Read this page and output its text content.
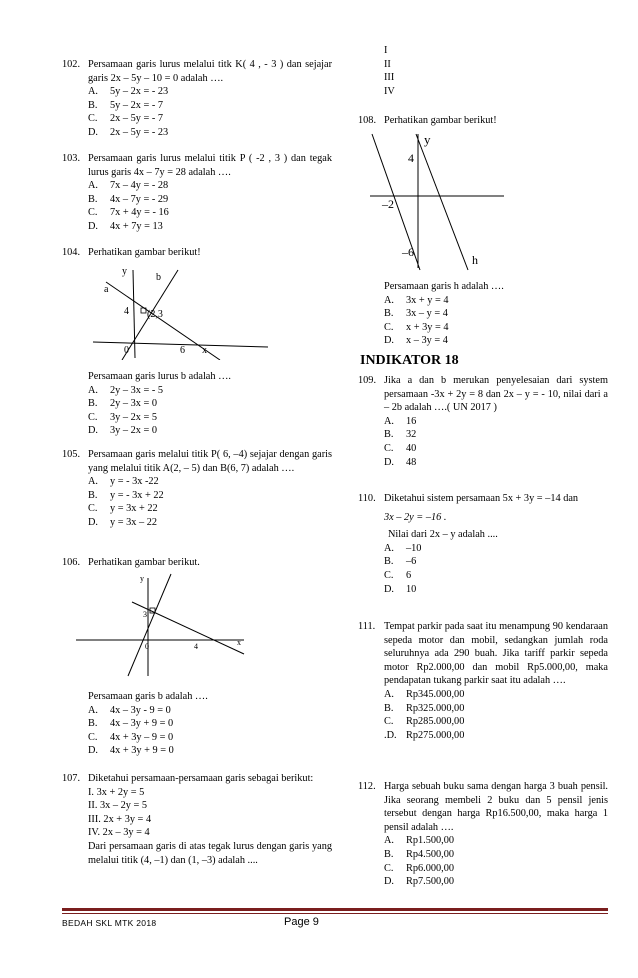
102. Persamaan garis lurus melalui titk K( 4 , - 3 ) dan sejajar garis 2x – 5y – 10 = 0 adalah ….
A.	5y – 2x = - 23
B.	5y – 2x = - 7
C.	2x – 5y = - 7
D.	2x – 5y = - 23
103. Persamaan garis lurus melalui titik P ( -2 , 3 ) dan tegak lurus garis 4x – 7y = 28 adalah ….
A.	7x – 4y = - 28
B.	4x – 7y = - 29
C.	7x + 4y = - 16
D.	4x + 7y = 13
104. Perhatikan gambar berikut!
y
a
b
4 (2,3
0	6 x
Persamaan garis lurus b adalah ….
A.	2y – 3x = - 5
B.	2y – 3x = 0
C.	3y – 2x = 5
D.	3y – 2x = 0
105. Persamaan garis melalui titik P( 6, –4) sejajar dengan garis yang melalui titik A(2, – 5) dan B(6, 7) adalah ….
A.	y = - 3x -22
B.	y = - 3x + 22
C.	y = 3x + 22
D.	y = 3x – 22
106. Perhatikan gambar berikut.
y
3
0	4	x
Persamaan garis b adalah ….
A.	4x – 3y - 9 = 0
B.	4x – 3y + 9 = 0
C.	4x + 3y – 9 = 0
D.	4x + 3y + 9 = 0
107. Diketahui persamaan-persamaan garis sebagai berikut:
I. 3x + 2y = 5
II. 3x – 2y = 5
III. 2x + 3y = 4
IV. 2x – 3y = 4
Dari persamaan garis di atas tegak lurus dengan garis yang melalui titik (4, –1) dan (1, –3) adalah ....
I
II
III
IV
108. Perhatikan gambar berikut!
y
4
–2
–6
h
Persamaan garis h adalah ….
A.	3x + y = 4
B.	3x – y = 4
C.	x + 3y = 4
D.	x – 3y = 4
INDIKATOR 18
109. Jika a dan b merukan penyelesaian dari system persamaan -3x + 2y = 8 dan 2x – y = - 10, nilai dari a – 2b adalah ….( UN 2017 )
A.	16
B.	32
C.	40
D.	48
110. Diketahui sistem persamaan 5x + 3y = –14 dan
3x – 2y = –16 .
Nilai dari 2x – y adalah ....
A.	–10
B.	–6
C.	6
D.	10
111. Tempat parkir pada saat itu menampung 90 kendaraan sepeda motor dan mobil, sedangkan jumlah roda seluruhnya ada 290 buah. Jika tariff parkir sepeda motor Rp2.000,00 dan mobil Rp5.000,00, maka pendapatan tukang parkir saat itu adalah ….
A.	Rp345.000,00
B.	Rp325.000,00
C.	Rp285.000,00
.D. Rp275.000,00
112. Harga sebuah buku sama dengan harga 3 buah pensil. Jika seorang membeli 2 buku dan 5 pensil jenis tersebut dengan harga Rp16.500,00, maka harga 1 pensil adalah ….
A.	Rp1.500,00
B.	Rp4.500,00
C.	Rp6.000,00
D.	Rp7.500,00
BEDAH SKL MTK 2018	Page 9
